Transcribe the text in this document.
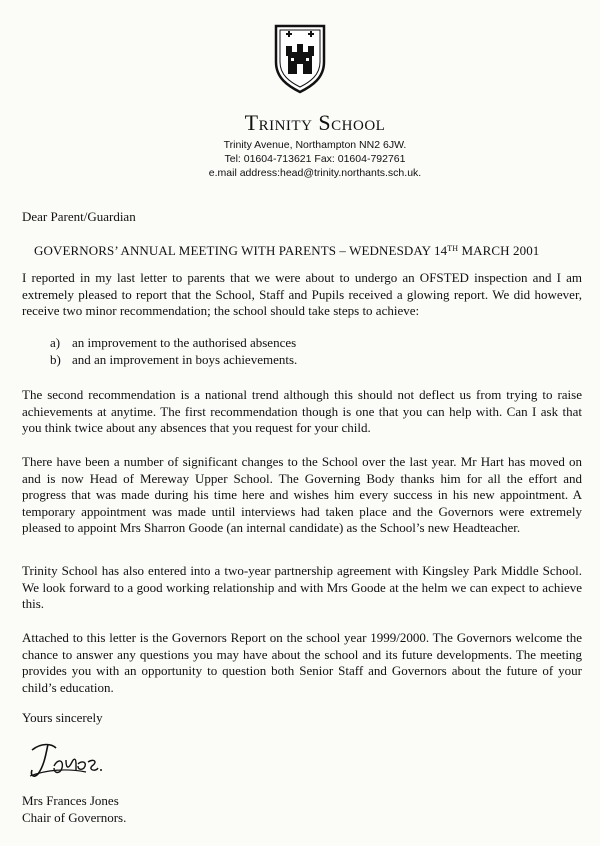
Trinity School
Trinity Avenue, Northampton NN2 6JW.
Tel: 01604-713621 Fax: 01604-792761
e.mail address:head@trinity.northants.sch.uk.
Dear Parent/Guardian
GOVERNORS’ ANNUAL MEETING WITH PARENTS – WEDNESDAY 14TH MARCH 2001

I reported in my last letter to parents that we were about to undergo an OFSTED inspection and I am extremely pleased to report that the School, Staff and Pupils received a glowing report. We did however, receive two minor recommendation; the school should take steps to achieve:

a) an improvement to the authorised absences
b) and an improvement in boys achievements.

The second recommendation is a national trend although this should not deflect us from trying to raise achievements at anytime. The first recommendation though is one that you can help with. Can I ask that you think twice about any absences that you request for your child.

There have been a number of significant changes to the School over the last year. Mr Hart has moved on and is now Head of Mereway Upper School. The Governing Body thanks him for all the effort and progress that was made during his time here and wishes him every success in his new appointment. A temporary appointment was made until interviews had taken place and the Governors were extremely pleased to appoint Mrs Sharron Goode (an internal candidate) as the School’s new Headteacher.

Trinity School has also entered into a two-year partnership agreement with Kingsley Park Middle School. We look forward to a good working relationship and with Mrs Goode at the helm we can expect to achieve this.

Attached to this letter is the Governors Report on the school year 1999/2000. The Governors welcome the chance to answer any questions you may have about the school and its future developments. The meeting provides you with an opportunity to question both Senior Staff and Governors about the future of your child’s education.

Yours sincerely
Mrs Frances Jones
Chair of Governors.
